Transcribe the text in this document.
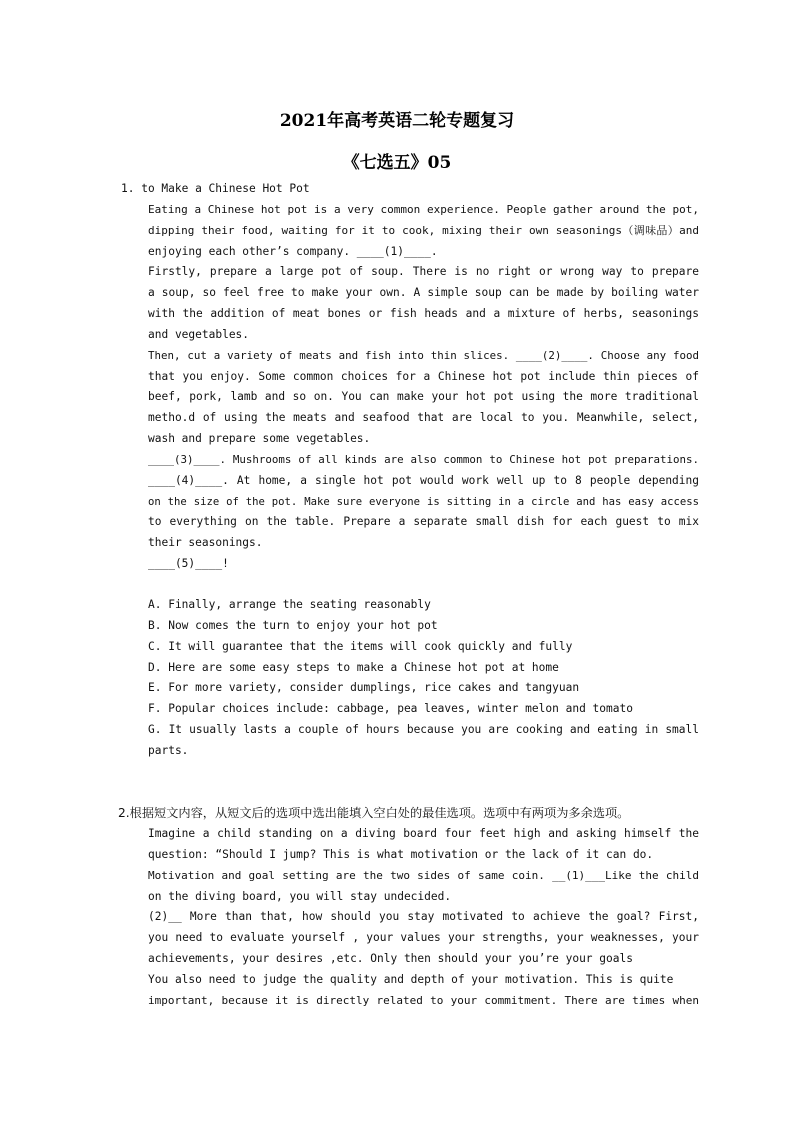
2021年高考英语二轮专题复习
《七选五》05
1. to Make a Chinese Hot Pot
Eating a Chinese hot pot is a very common experience. People gather around the pot,
dipping their food, waiting for it to cook, mixing their own seasonings（调味品）and
enjoying each other’s company. ____(1)____.
Firstly, prepare a large pot of soup. There is no right or wrong way to prepare
a soup, so feel free to make your own. A simple soup can be made by boiling water
with the addition of meat bones or fish heads and a mixture of herbs, seasonings
and vegetables.
Then, cut a variety of meats and fish into thin slices. ____(2)____. Choose any food
that you enjoy. Some common choices for a Chinese hot pot include thin pieces of
beef, pork, lamb and so on. You can make your hot pot using the more traditional
metho.d of using the meats and seafood that are local to you. Meanwhile, select,
wash and prepare some vegetables.
____(3)____. Mushrooms of all kinds are also common to Chinese hot pot preparations.
____(4)____. At home, a single hot pot would work well up to 8 people depending
on the size of the pot. Make sure everyone is sitting in a circle and has easy access
to everything on the table. Prepare a separate small dish for each guest to mix
their seasonings.
____(5)____!
A. Finally, arrange the seating reasonably
B. Now comes the turn to enjoy your hot pot
C. It will guarantee that the items will cook quickly and fully
D. Here are some easy steps to make a Chinese hot pot at home
E. For more variety, consider dumplings, rice cakes and tangyuan
F. Popular choices include: cabbage, pea leaves, winter melon and tomato
G. It usually lasts a couple of hours because you are cooking and eating in small
parts.
2.根据短文内容，从短文后的选项中选出能填入空白处的最佳选项。选项中有两项为多余选项。
Imagine a child standing on a diving board four feet high and asking himself the
question: “Should I jump? This is what motivation or the lack of it can do.
Motivation and goal setting are the two sides of same coin. __(1)___Like the child
on the diving board, you will stay undecided.
(2)__ More than that, how should you stay motivated to achieve the goal? First,
you need to evaluate yourself , your values your strengths, your weaknesses, your
achievements, your desires ,etc. Only then should your you’re your goals
You also need to judge the quality and depth of your motivation. This is quite
important, because it is directly related to your commitment. There are times when
